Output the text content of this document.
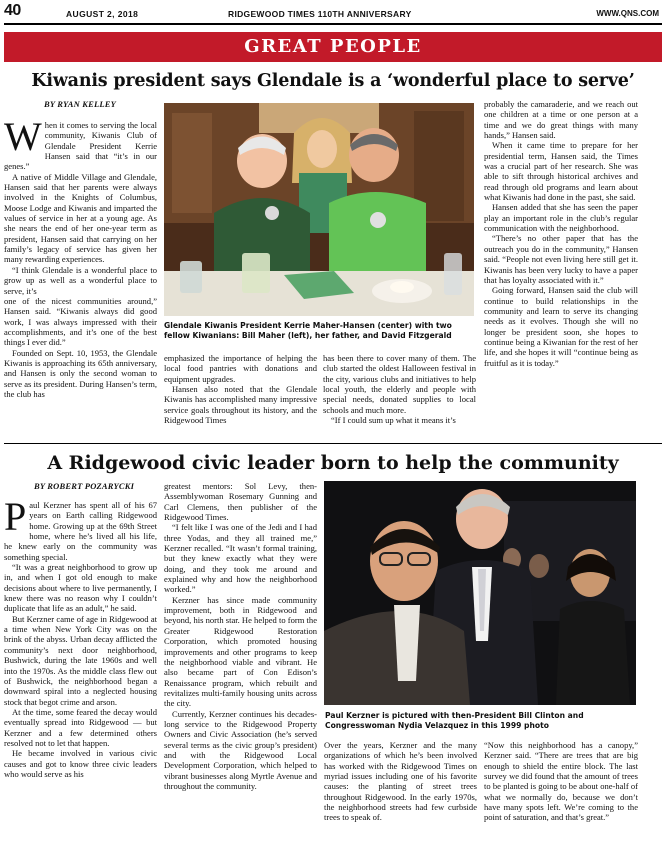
40	AUGUST 2, 2018	RIDGEWOOD TIMES 110TH ANNIVERSARY	WWW.QNS.COM
GREAT PEOPLE
Kiwanis president says Glendale is a ‘wonderful place to serve’
BY RYAN KELLEY
W hen it comes to serving the local community, Kiwanis Club of Glendale President Kerrie Hansen said that “it’s in our genes.”

A native of Middle Village and Glendale, Hansen said that her parents were always involved in the Knights of Columbus, Moose Lodge and Kiwanis and imparted the values of service in her at a young age. As she nears the end of her one-year term as president, Hansen said that carrying on her family’s legacy of service has given her many rewarding experiences.

“I think Glendale is a wonderful place to grow up as well as a wonderful place to serve, it’s

one of the nicest communities around,” Hansen said. “Kiwanis always did good work, I was always impressed with their accomplishments, and it’s one of the best things I ever did.”

Founded on Sept. 10, 1953, the Glendale Kiwanis is approaching its 65th anniversary, and Hansen is only the second woman to serve as its president. During Hansen’s term, the club has

Glendale Kiwanis President Kerrie Maher-Hansen (center) with two fellow Kiwanians: Bill Maher (left), her father, and David Fitzgerald

emphasized the importance of helping the local food pantries with donations and equipment upgrades.

Hansen also noted that the Glendale Kiwanis has accomplished many impressive service goals throughout its history, and the Ridgewood Times

has been there to cover many of them. The club started the oldest Halloween festival in the city, various clubs and initiatives to help local youth, the elderly and people with special needs, donated supplies to local schools and much more.

“If I could sum up what it means it’s

probably the camaraderie, and we reach out one children at a time or one person at a time and we do great things with many hands,” Hansen said.

When it came time to prepare for her presidential term, Hansen said, the Times was a crucial part of her research. She was able to sift through historical archives and read through old programs and learn about what Kiwanis had done in the past, she said.

Hansen added that she has seen the paper play an important role in the club’s regular communication with the neighborhood.

“There’s no other paper that has the outreach you do in the community,” Hansen said. “People not even living here still get it. Kiwanis has been very lucky to have a paper that has loyalty associated with it.”

Going forward, Hansen said the club will continue to build relationships in the community and learn to serve its changing needs as it evolves. Though she will no longer be president soon, she hopes to continue being a Kiwanian for the rest of her life, and she hopes it will “continue being as fruitful as it is today.”

A Ridgewood civic leader born to help the community
BY ROBERT POZARYCKI
P aul Kerzner has spent all of his 67 years on Earth calling Ridgewood home. Growing up at the 69th Street home, where he’s lived all his life, he knew early on the community was something special.

“It was a great neighborhood to grow up in, and when I got old enough to make decisions about where to live permanently, I knew there was no reason why I couldn’t duplicate that life as an adult,” he said.

But Kerzner came of age in Ridgewood at a time when New York City was on the brink of the abyss. Urban decay afflicted the community’s next door neighborhood, Bushwick, during the late 1960s and well into the 1970s. As the middle class flew out of Bushwick, the neighborhood began a downward spiral into a neglected housing stock that begot crime and arson.

At the time, some feared the decay would eventually spread into Ridgewood — but Kerzner and a few determined others resolved not to let that happen.

He became involved in various civic causes and got to know three civic leaders who would serve as his

greatest mentors: Sol Levy, then-Assemblywoman Rosemary Gunning and Carl Clemens, then publisher of the Ridgewood Times.

“I felt like I was one of the Jedi and I had three Yodas, and they all trained me,” Kerzner recalled. “It wasn’t formal training, but they knew exactly what they were doing, and they took me around and explained why and how the neighborhood worked.”

Kerzner has since made community improvement, both in Ridgewood and beyond, his north star. He helped to form the Greater Ridgewood Restoration Corporation, which promoted housing improvements and other programs to keep the neighborhood viable and vibrant. He also became part of Con Edison’s Renaissance program, which rebuilt and revitalizes multi-family housing units across the city.

Currently, Kerzner continues his decades-long service to the Ridgewood Property Owners and Civic Association (he’s served several terms as the civic group’s president) and with the Ridgewood Local Development Corporation, which helped to vibrant businesses along Myrtle Avenue and throughout the community.

Paul Kerzner is pictured with then-President Bill Clinton and Congresswoman Nydia Velazquez in this 1999 photo

Over the years, Kerzner and the many organizations of which he’s been involved has worked with the Ridgewood Times on myriad issues including one of his favorite causes: the planting of street trees throughout Ridgewood. In the early 1970s, the neighborhood streets had few curbside trees to speak of.

“Now this neighborhood has a canopy,” Kerzner said. “There are trees that are big enough to shield the entire block. The last survey we did found that the amount of trees to be planted is going to be about one-half of what we normally do, because we don’t have many spots left. We’re coming to the point of saturation, and that’s great.”
